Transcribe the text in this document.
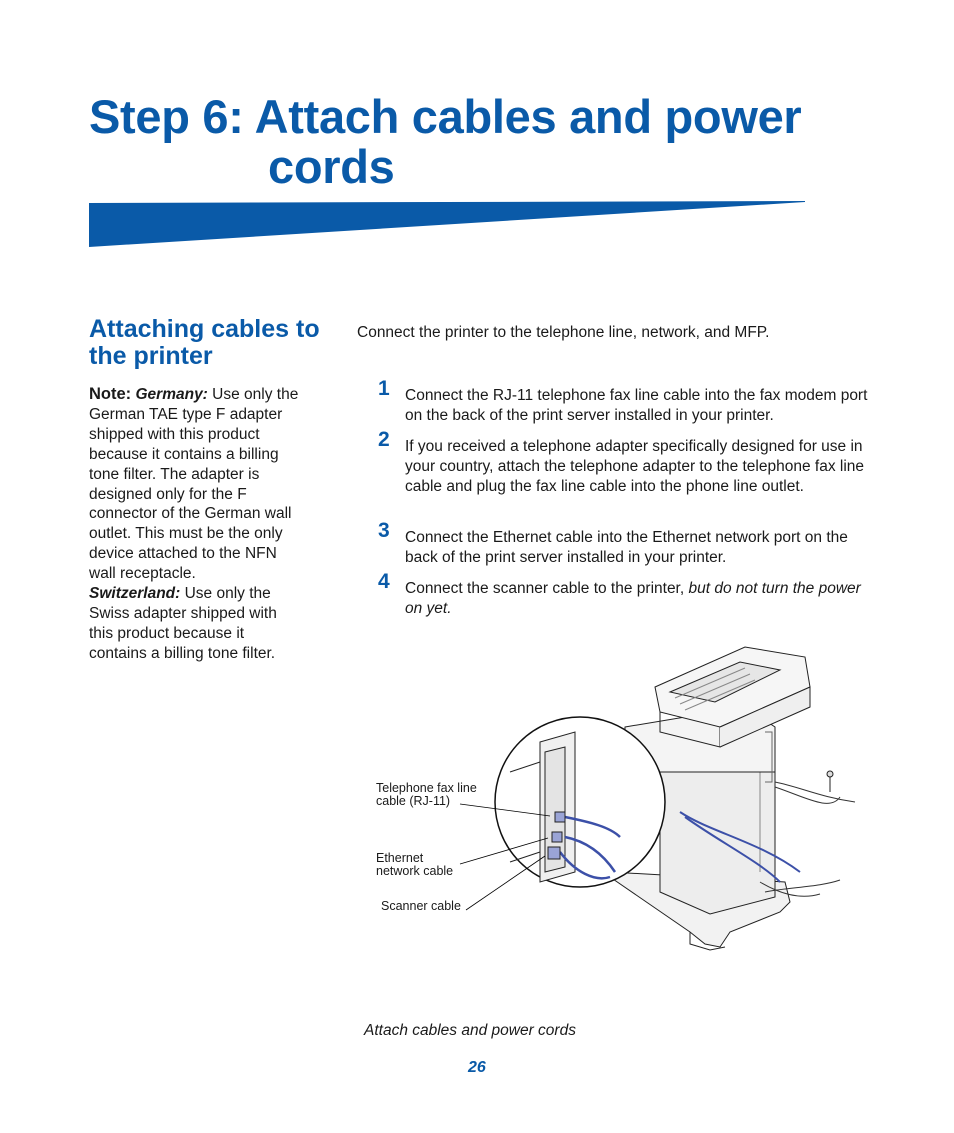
Step 6: Attach cables and power
cords
Attaching cables to the printer
Note: Germany: Use only the German TAE type F adapter shipped with this product because it contains a billing tone filter. The adapter is designed only for the F connector of the German wall outlet. This must be the only device attached to the NFN wall receptacle.
Switzerland: Use only the Swiss adapter shipped with this product because it contains a billing tone filter.
Connect the printer to the telephone line, network, and MFP.
1 Connect the RJ-11 telephone fax line cable into the fax modem port on the back of the print server installed in your printer.
2 If you received a telephone adapter specifically designed for use in your country, attach the telephone adapter to the telephone fax line cable and plug the fax line cable into the phone line outlet.
3 Connect the Ethernet cable into the Ethernet network port on the back of the print server installed in your printer.
4 Connect the scanner cable to the printer, but do not turn the power on yet.
Telephone fax line
cable (RJ-11)
Ethernet
network cable
Scanner cable
Attach cables and power cords
26
